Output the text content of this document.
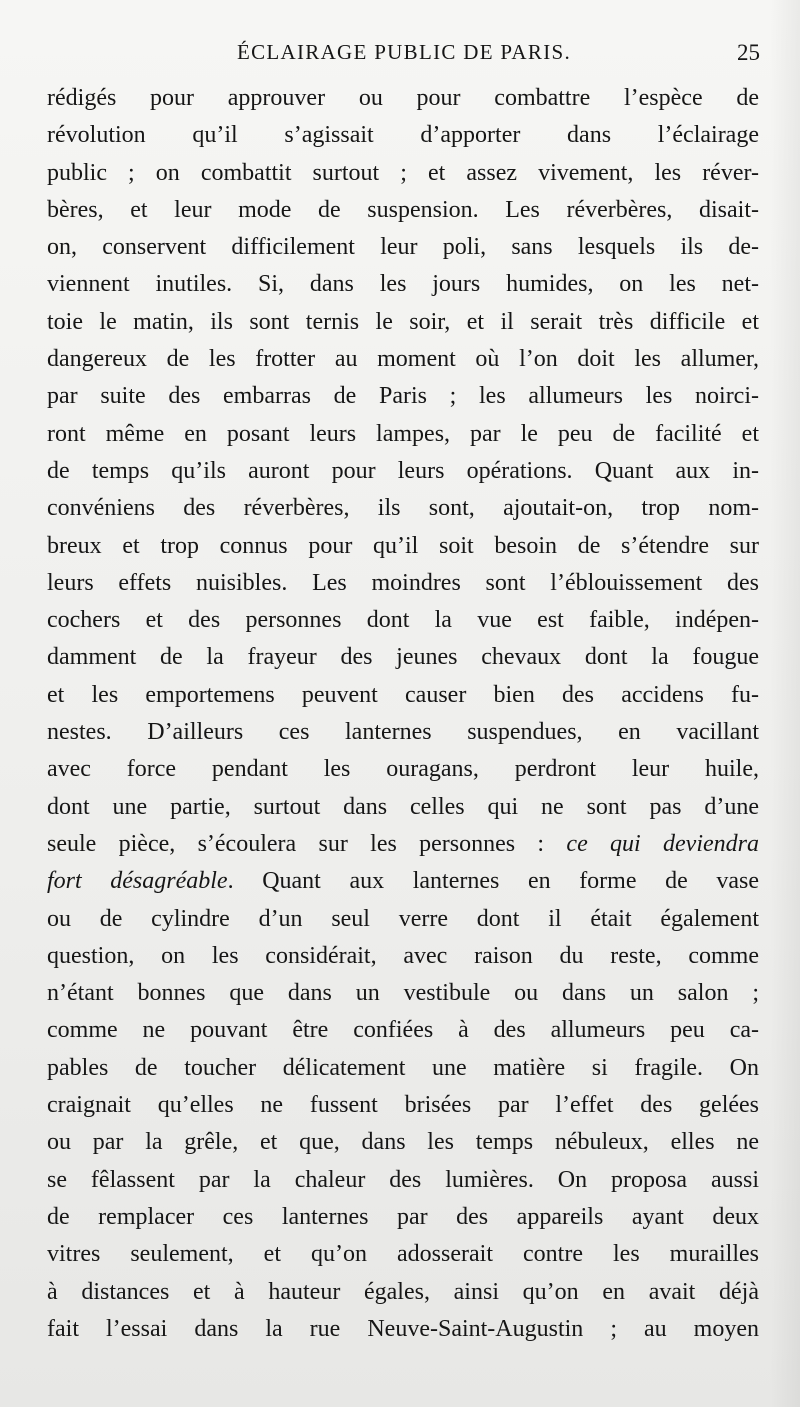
ÉCLAIRAGE PUBLIC DE PARIS.	25
rédigés pour approuver ou pour combattre l’espèce de
révolution qu’il s’agissait d’apporter dans l’éclairage
public ; on combattit surtout ; et assez vivement, les réver-
bères, et leur mode de suspension. Les réverbères, disait-
on, conservent difficilement leur poli, sans lesquels ils de-
viennent inutiles. Si, dans les jours humides, on les net-
toie le matin, ils sont ternis le soir, et il serait très difficile et
dangereux de les frotter au moment où l’on doit les allumer,
par suite des embarras de Paris ; les allumeurs les noirci-
ront même en posant leurs lampes, par le peu de facilité et
de temps qu’ils auront pour leurs opérations. Quant aux in-
convéniens des réverbères, ils sont, ajoutait-on, trop nom-
breux et trop connus pour qu’il soit besoin de s’étendre sur
leurs effets nuisibles. Les moindres sont l’éblouissement des
cochers et des personnes dont la vue est faible, indépen-
damment de la frayeur des jeunes chevaux dont la fougue
et les emportemens peuvent causer bien des accidens fu-
nestes. D’ailleurs ces lanternes suspendues, en vacillant
avec force pendant les ouragans, perdront leur huile,
dont une partie, surtout dans celles qui ne sont pas d’une
seule pièce, s’écoulera sur les personnes : ce qui deviendra
fort désagréable. Quant aux lanternes en forme de vase
ou de cylindre d’un seul verre dont il était également
question, on les considérait, avec raison du reste, comme
n’étant bonnes que dans un vestibule ou dans un salon ;
comme ne pouvant être confiées à des allumeurs peu ca-
pables de toucher délicatement une matière si fragile. On
craignait qu’elles ne fussent brisées par l’effet des gelées
ou par la grêle, et que, dans les temps nébuleux, elles ne
se fêlassent par la chaleur des lumières. On proposa aussi
de remplacer ces lanternes par des appareils ayant deux
vitres seulement, et qu’on adosserait contre les murailles
à distances et à hauteur égales, ainsi qu’on en avait déjà
fait l’essai dans la rue Neuve-Saint-Augustin ; au moyen
